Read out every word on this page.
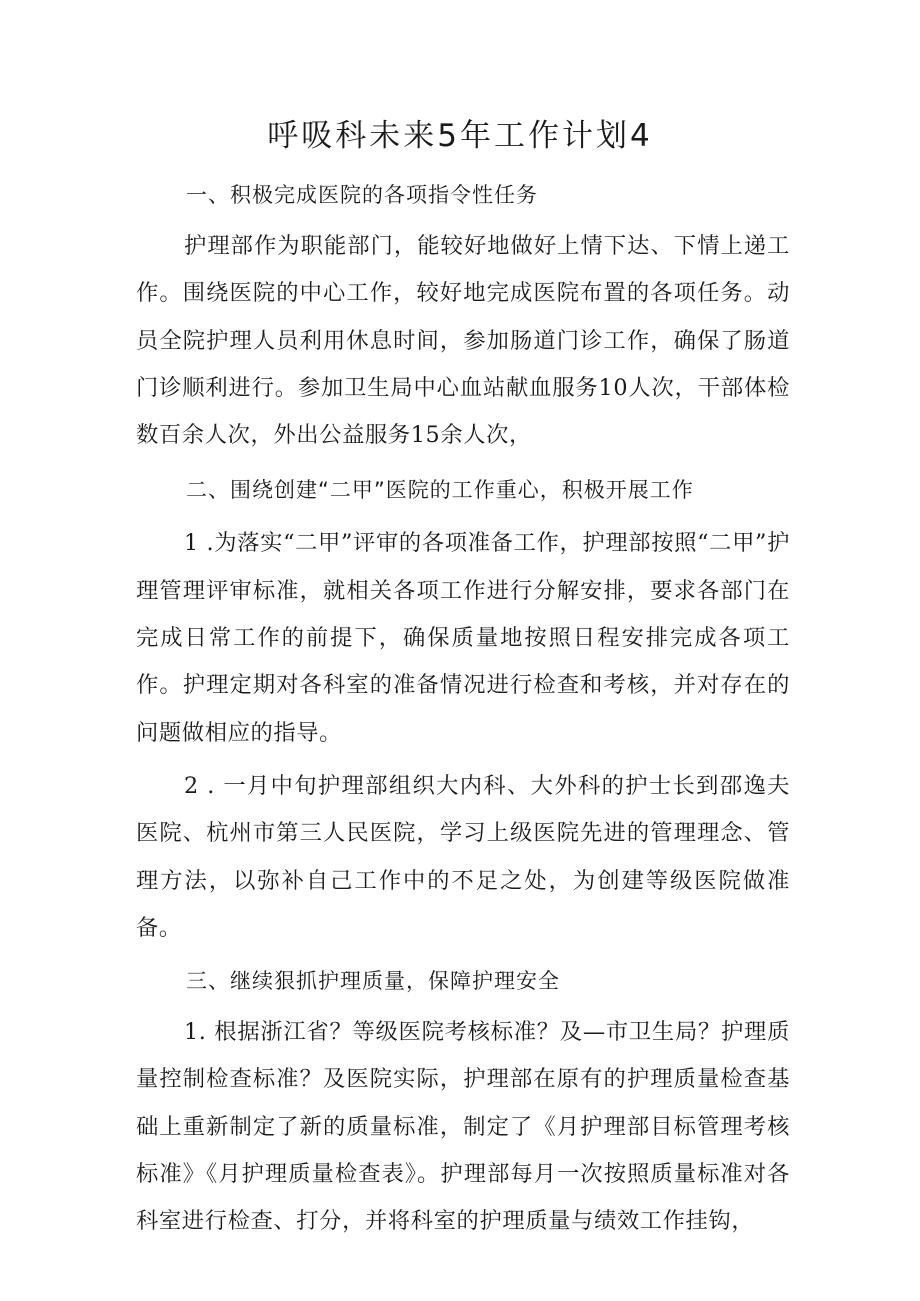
呼吸科未来5年工作计划4

一、积极完成医院的各项指令性任务

护理部作为职能部门，能较好地做好上情下达、下情上递工作。围绕医院的中心工作，较好地完成医院布置的各项任务。动员全院护理人员利用休息时间，参加肠道门诊工作，确保了肠道门诊顺利进行。参加卫生局中心血站献血服务10人次，干部体检数百余人次，外出公益服务15余人次，

二、围绕创建“二甲”医院的工作重心，积极开展工作

1 .为落实“二甲”评审的各项准备工作，护理部按照“二甲”护理管理评审标准，就相关各项工作进行分解安排，要求各部门在完成日常工作的前提下，确保质量地按照日程安排完成各项工作。护理定期对各科室的准备情况进行检查和考核，并对存在的问题做相应的指导。

2 . 一月中旬护理部组织大内科、大外科的护士长到邵逸夫医院、杭州市第三人民医院，学习上级医院先进的管理理念、管理方法，以弥补自己工作中的不足之处，为创建等级医院做准备。

三、继续狠抓护理质量，保障护理安全

1. 根据浙江省？等级医院考核标准？及—市卫生局？护理质量控制检查标准？及医院实际，护理部在原有的护理质量检查基础上重新制定了新的质量标准，制定了《月护理部目标管理考核标准》《月护理质量检查表》。护理部每月一次按照质量标准对各科室进行检查、打分，并将科室的护理质量与绩效工作挂钩，
